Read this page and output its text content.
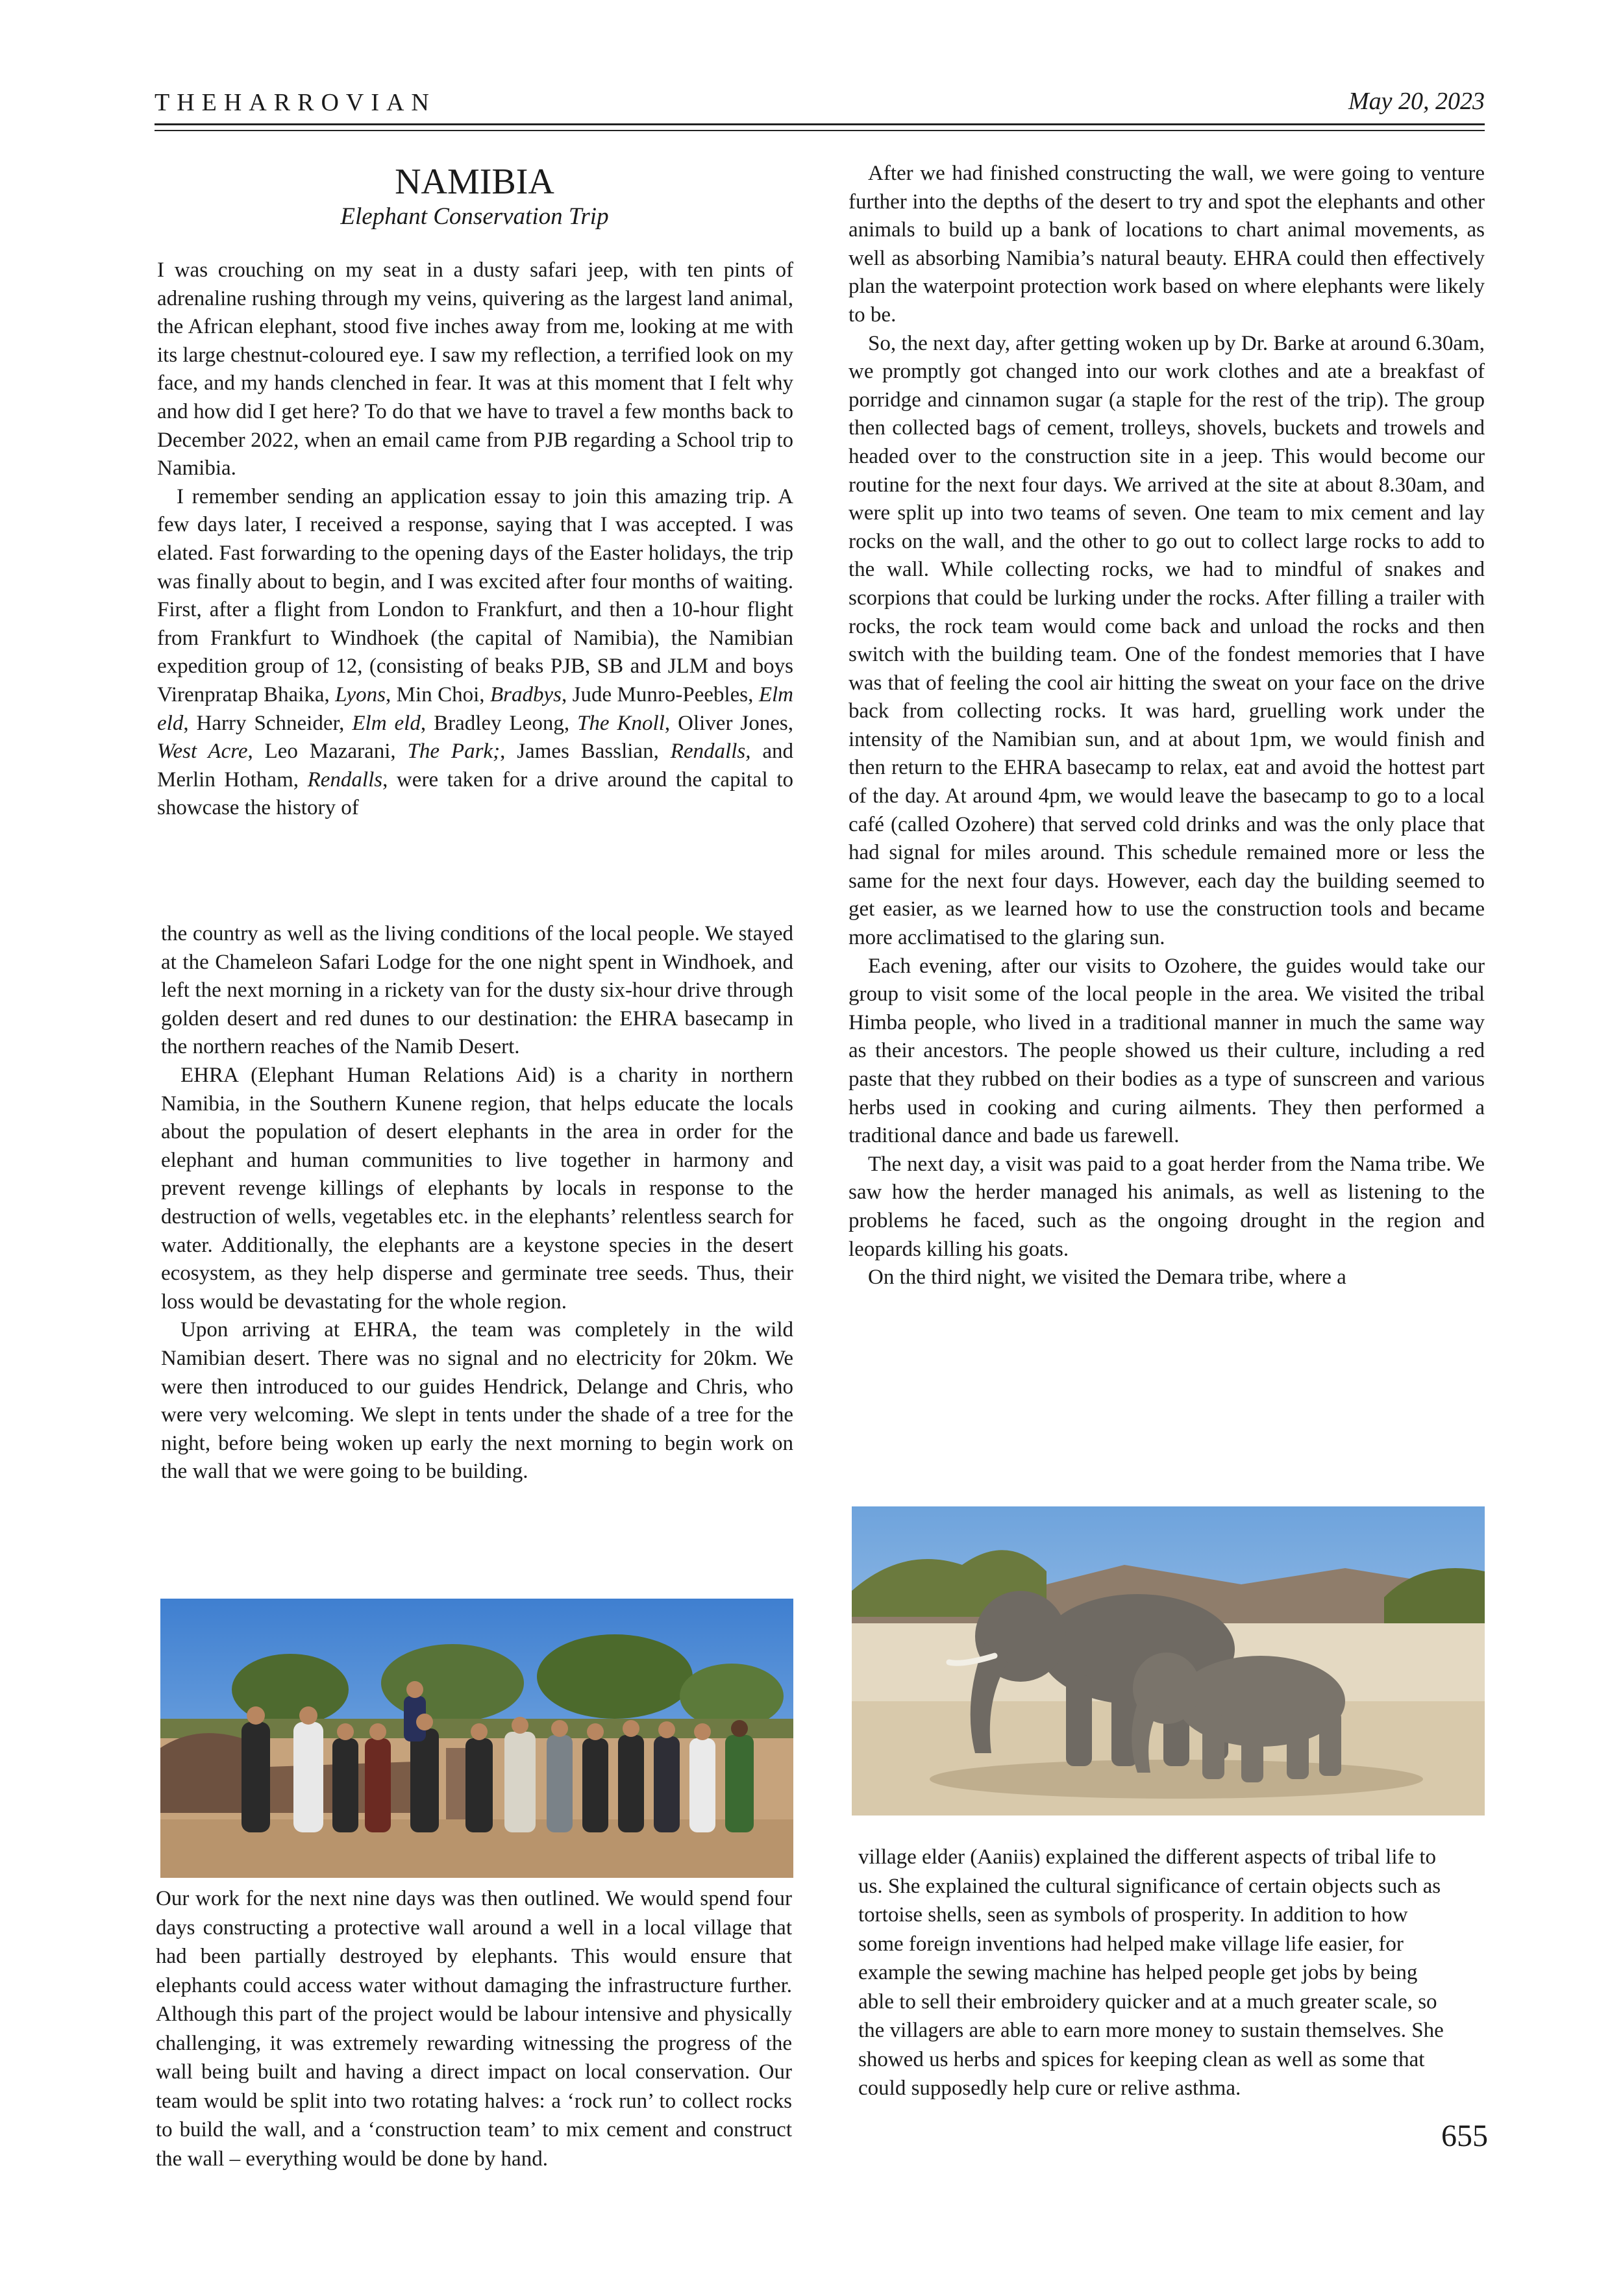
THEHARROVIAN	May 20, 2023
NAMIBIA
Elephant Conservation Trip

I was crouching on my seat in a dusty safari jeep, with ten pints of adrenaline rushing through my veins, quivering as the largest land animal, the African elephant, stood five inches away from me, looking at me with its large chestnut-coloured eye. I saw my reflection, a terrified look on my face, and my hands clenched in fear. It was at this moment that I felt why and how did I get here? To do that we have to travel a few months back to December 2022, when an email came from PJB regarding a School trip to Namibia.

I remember sending an application essay to join this amazing trip. A few days later, I received a response, saying that I was accepted. I was elated. Fast forwarding to the opening days of the Easter holidays, the trip was finally about to begin, and I was excited after four months of waiting. First, after a flight from London to Frankfurt, and then a 10-hour flight from Frankfurt to Windhoek (the capital of Namibia), the Namibian expedition group of 12, (consisting of beaks PJB, SB and JLM and boys Virenpratap Bhaika, Lyons, Min Choi, Bradbys, Jude Munro-Peebles, Elm eld, Harry Schneider, Elm eld, Bradley Leong, The Knoll, Oliver Jones, West Acre, Leo Mazarani, The Park;, James Basslian, Rendalls, and Merlin Hotham, Rendalls, were taken for a drive around the capital to showcase the history of

the country as well as the living conditions of the local people. We stayed at the Chameleon Safari Lodge for the one night spent in Windhoek, and left the next morning in a rickety van for the dusty six-hour drive through golden desert and red dunes to our destination: the EHRA basecamp in the northern reaches of the Namib Desert.

EHRA (Elephant Human Relations Aid) is a charity in northern Namibia, in the Southern Kunene region, that helps educate the locals about the population of desert elephants in the area in order for the elephant and human communities to live together in harmony and prevent revenge killings of elephants by locals in response to the destruction of wells, vegetables etc. in the elephants’ relentless search for water. Additionally, the elephants are a keystone species in the desert ecosystem, as they help disperse and germinate tree seeds. Thus, their loss would be devastating for the whole region.

Upon arriving at EHRA, the team was completely in the wild Namibian desert. There was no signal and no electricity for 20km. We were then introduced to our guides Hendrick, Delange and Chris, who were very welcoming. We slept in tents under the shade of a tree for the night, before being woken up early the next morning to begin work on the wall that we were going to be building.

Our work for the next nine days was then outlined. We would spend four days constructing a protective wall around a well in a local village that had been partially destroyed by elephants. This would ensure that elephants could access water without damaging the infrastructure further. Although this part of the project would be labour intensive and physically challenging, it was extremely rewarding witnessing the progress of the wall being built and having a direct impact on local conservation. Our team would be split into two rotating halves: a ‘rock run’ to collect rocks to build the wall, and a ‘construction team’ to mix cement and construct the wall – everything would be done by hand.

After we had finished constructing the wall, we were going to venture further into the depths of the desert to try and spot the elephants and other animals to build up a bank of locations to chart animal movements, as well as absorbing Namibia’s natural beauty. EHRA could then effectively plan the waterpoint protection work based on where elephants were likely to be.

So, the next day, after getting woken up by Dr. Barke at around 6.30am, we promptly got changed into our work clothes and ate a breakfast of porridge and cinnamon sugar (a staple for the rest of the trip). The group then collected bags of cement, trolleys, shovels, buckets and trowels and headed over to the construction site in a jeep. This would become our routine for the next four days. We arrived at the site at about 8.30am, and were split up into two teams of seven. One team to mix cement and lay rocks on the wall, and the other to go out to collect large rocks to add to the wall. While collecting rocks, we had to mindful of snakes and scorpions that could be lurking under the rocks. After filling a trailer with rocks, the rock team would come back and unload the rocks and then switch with the building team. One of the fondest memories that I have was that of feeling the cool air hitting the sweat on your face on the drive back from collecting rocks. It was hard, gruelling work under the intensity of the Namibian sun, and at about 1pm, we would finish and then return to the EHRA basecamp to relax, eat and avoid the hottest part of the day. At around 4pm, we would leave the basecamp to go to a local café (called Ozohere) that served cold drinks and was the only place that had signal for miles around. This schedule remained more or less the same for the next four days. However, each day the building seemed to get easier, as we learned how to use the construction tools and became more acclimatised to the glaring sun.

Each evening, after our visits to Ozohere, the guides would take our group to visit some of the local people in the area. We visited the tribal Himba people, who lived in a traditional manner in much the same way as their ancestors. The people showed us their culture, including a red paste that they rubbed on their bodies as a type of sunscreen and various herbs used in cooking and curing ailments. They then performed a traditional dance and bade us farewell.

The next day, a visit was paid to a goat herder from the Nama tribe. We saw how the herder managed his animals, as well as listening to the problems he faced, such as the ongoing drought in the region and leopards killing his goats.

On the third night, we visited the Demara tribe, where a

village elder (Aaniis) explained the different aspects of tribal life to us. She explained the cultural significance of certain objects such as tortoise shells, seen as symbols of prosperity. In addition to how some foreign inventions had helped make village life easier, for example the sewing machine has helped people get jobs by being able to sell their embroidery quicker and at a much greater scale, so the villagers are able to earn more money to sustain themselves. She showed us herbs and spices for keeping clean as well as some that could supposedly help cure or relive asthma.

655
